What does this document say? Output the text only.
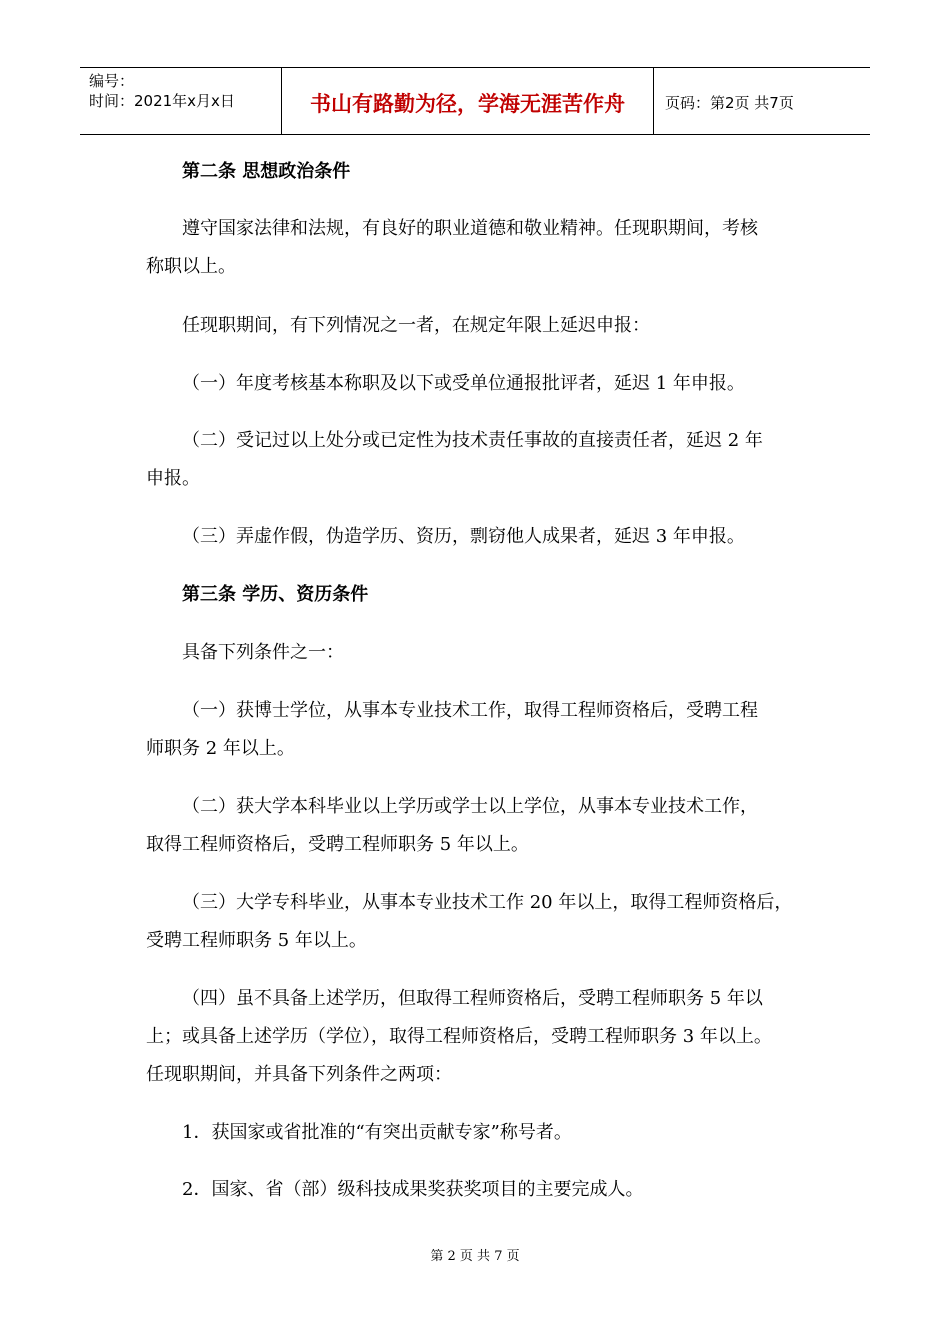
编号：
时间：2021年x月x日	书山有路勤为径，学海无涯苦作舟	页码：第2页 共7页
第二条 思想政治条件
遵守国家法律和法规，有良好的职业道德和敬业精神。任现职期间，考核
称职以上。
任现职期间，有下列情况之一者，在规定年限上延迟申报：
（一）年度考核基本称职及以下或受单位通报批评者，延迟 1 年申报。
（二）受记过以上处分或已定性为技术责任事故的直接责任者，延迟 2 年
申报。
（三）弄虚作假，伪造学历、资历，剽窃他人成果者，延迟 3 年申报。
第三条 学历、资历条件
具备下列条件之一：
（一）获博士学位，从事本专业技术工作，取得工程师资格后，受聘工程
师职务 2 年以上。
（二）获大学本科毕业以上学历或学士以上学位，从事本专业技术工作，
取得工程师资格后，受聘工程师职务 5 年以上。
（三）大学专科毕业，从事本专业技术工作 20 年以上，取得工程师资格后，
受聘工程师职务 5 年以上。
（四）虽不具备上述学历，但取得工程师资格后，受聘工程师职务 5 年以
上；或具备上述学历（学位），取得工程师资格后，受聘工程师职务 3 年以上。
任现职期间，并具备下列条件之两项：
1．获国家或省批准的“有突出贡献专家”称号者。
2．国家、省（部）级科技成果奖获奖项目的主要完成人。
第 2 页 共 7 页
